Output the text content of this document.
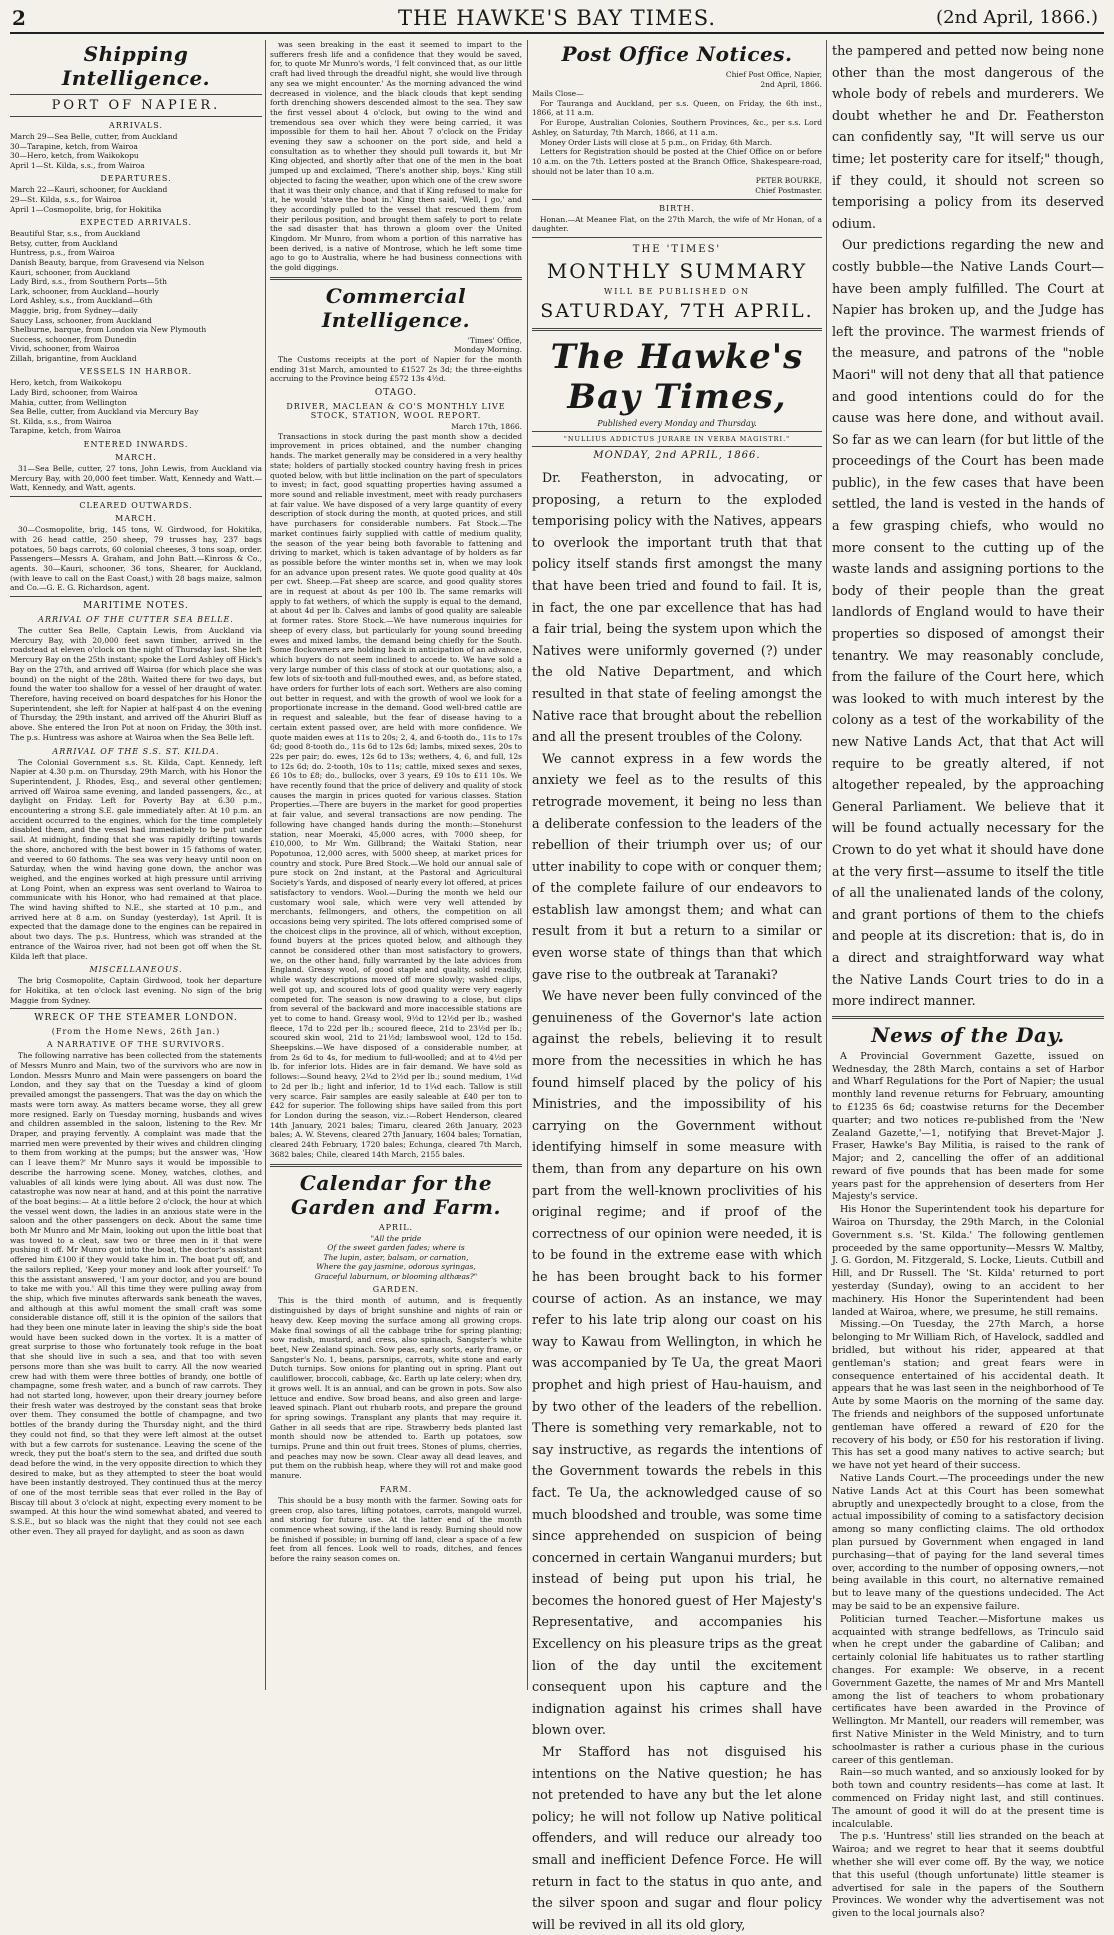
2	THE HAWKE'S BAY TIMES.	(2nd April, 1866.)
Shipping Intelligence.
PORT OF NAPIER.
ARRIVALS.
March 29—Sea Belle, cutter, from Auckland
30—Tarapine, ketch, from Wairoa
30—Hero, ketch, from Waikokopu
April 1—St. Kilda, s.s., from Wairoa
DEPARTURES.
March 22—Kauri, schooner, for Auckland
29—St. Kilda, s.s., for Wairoa
April 1—Cosmopolite, brig, for Hokitika
EXPECTED ARRIVALS.
Beautiful Star, s.s., from Auckland
Betsy, cutter, from Auckland
Huntress, p.s., from Wairoa
Danish Beauty, barque, from Gravesend via Nelson
Kauri, schooner, from Auckland
Lady Bird, s.s., from Southern Ports—5th
Lark, schooner, from Auckland—hourly
Lord Ashley, s.s., from Auckland—6th
Maggie, brig, from Sydney—daily
Saucy Lass, schooner, from Auckland
Shelburne, barque, from London via New Plymouth
Success, schooner, from Dunedin
Vivid, schooner, from Wairoa
Zillah, brigantine, from Auckland
VESSELS IN HARBOR.
Hero, ketch, from Waikokopu
Lady Bird, schooner, from Wairoa
Mahia, cutter, from Wellington
Sea Belle, cutter, from Auckland via Mercury Bay
St. Kilda, s.s., from Wairoa
Tarapine, ketch, from Wairoa
ENTERED INWARDS.
MARCH.
31—Sea Belle, cutter, 27 tons, John Lewis, from Auckland via Mercury Bay, with 20,000 feet timber. Watt, Kennedy and Watt.—Watt, Kennedy, and Watt, agents.
CLEARED OUTWARDS.
MARCH.
30—Cosmopolite, brig, 145 tons, W. Girdwood, for Hokitika, with 26 head cattle, 250 sheep, 79 trusses hay, 237 bags potatoes, 50 bags carrots, 60 colonial cheeses, 3 tons soap, order. Passengers—Messrs A. Graham, and John Batt.—Kinross & Co., agents. 30—Kauri, schooner, 36 tons, Shearer, for Auckland, (with leave to call on the East Coast,) with 28 bags maize, salmon and Co.—G. E. G. Richardson, agent.
MARITIME NOTES.
ARRIVAL OF THE CUTTER SEA BELLE.
The cutter Sea Belle, Captain Lewis, from Auckland via Mercury Bay, with 20,000 feet sawn timber, arrived in the roadstead at eleven o'clock on the night of Thursday last. She left Mercury Bay on the 25th instant; spoke the Lord Ashley off Hick's Bay on the 27th, and arrived off Wairoa (for which place she was bound) on the night of the 28th. Waited there for two days, but found the water too shallow for a vessel of her draught of water. Therefore, having received on board despatches for his Honor the Superintendent, she left for Napier at half-past 4 on the evening of Thursday, the 29th instant, and arrived off the Ahuriri Bluff as above. She entered the Iron Pot at noon on Friday, the 30th inst. The p.s. Huntress was ashore at Wairoa when the Sea Belle left.
ARRIVAL OF THE S.S. ST. KILDA.
The Colonial Government s.s. St. Kilda, Capt. Kennedy, left Napier at 4.30 p.m. on Thursday, 29th March, with his Honor the Superintendent, J. Rhodes, Esq., and several other gentlemen; arrived off Wairoa same evening, and landed passengers, &c., at daylight on Friday. Left for Poverty Bay at 6.30 p.m., encountering a strong S.E. gale immediately after. At 10 p.m. an accident occurred to the engines, which for the time completely disabled them, and the vessel had immediately to be put under sail. At midnight, finding that she was rapidly drifting towards the shore, anchored with the best bower in 15 fathoms of water, and veered to 60 fathoms. The sea was very heavy until noon on Saturday, when the wind having gone down, the anchor was weighed, and the engines worked at high pressure until arriving at Long Point, when an express was sent overland to Wairoa to communicate with his Honor, who had remained at that place. The wind having shifted to N.E., she started at 10 p.m., and arrived here at 8 a.m. on Sunday (yesterday), 1st April. It is expected that the damage done to the engines can be repaired in about two days. The p.s. Huntress, which was stranded at the entrance of the Wairoa river, had not been got off when the St. Kilda left that place.
MISCELLANEOUS.
The brig Cosmopolite, Captain Girdwood, took her departure for Hokitika, at ten o'clock last evening. No sign of the brig Maggie from Sydney.
WRECK OF THE STEAMER LONDON.
(From the Home News, 26th Jan.)
A NARRATIVE OF THE SURVIVORS.
The following narrative has been collected from the statements of Messrs Munro and Main, two of the survivors who are now in London. Messrs Munro and Main were passengers on board the London, and they say that on the Tuesday a kind of gloom prevailed amongst the passengers. That was the day on which the masts were torn away. As matters became worse, they all grew more resigned. Early on Tuesday morning, husbands and wives and children assembled in the saloon, listening to the Rev. Mr Draper, and praying fervently. A complaint was made that the married men were prevented by their wives and children clinging to them from working at the pumps; but the answer was, 'How can I leave them?' Mr Munro says it would be impossible to describe the harrowing scene. Money, watches, clothes, and valuables of all kinds were lying about. All was dust now. The catastrophe was now near at hand, and at this point the narrative of the boat begins:— At a little before 2 o'clock, the hour at which the vessel went down, the ladies in an anxious state were in the saloon and the other passengers on deck. About the same time both Mr Munro and Mr Main, looking out upon the little boat that was towed to a cleat, saw two or three men in it that were pushing it off. Mr Munro got into the boat, the doctor's assistant offered him £100 if they would take him in. The boat put off, and the sailors replied, 'Keep your money and look after yourself.' To this the assistant answered, 'I am your doctor, and you are bound to take me with you.' All this time they were pulling away from the ship, which five minutes afterwards sank beneath the waves, and although at this awful moment the small craft was some considerable distance off, still it is the opinion of the sailors that had they been one minute later in leaving the ship's side the boat would have been sucked down in the vortex. It is a matter of great surprise to those who fortunately took refuge in the boat that she should live in such a sea, and that too with seven persons more than she was built to carry. All the now wearied crew had with them were three bottles of brandy, one bottle of champagne, some fresh water, and a bunch of raw carrots. They had not started long, however, upon their dreary journey before their fresh water was destroyed by the constant seas that broke over them. They consumed the bottle of champagne, and two bottles of the brandy during the Thursday night, and the third they could not find, so that they were left almost at the outset with but a few carrots for sustenance. Leaving the scene of the wreck, they put the boat's stern to the sea, and drifted due south dead before the wind, in the very opposite direction to which they desired to make, but as they attempted to steer the boat would have been instantly destroyed. They continued thus at the mercy of one of the most terrible seas that ever rolled in the Bay of Biscay till about 3 o'clock at night, expecting every moment to be swamped. At this hour the wind somewhat abated, and veered to S.S.E., but so black was the night that they could not see each other even. They all prayed for daylight, and as soon as dawn
was seen breaking in the east it seemed to impart to the sufferers fresh life and a confidence that they would be saved, for, to quote Mr Munro's words, 'I felt convinced that, as our little craft had lived through the dreadful night, she would live through any sea we might encounter.' As the morning advanced the wind decreased in violence, and the black clouds that kept sending forth drenching showers descended almost to the sea. They saw the first vessel about 4 o'clock, but owing to the wind and tremendous sea over which they were being carried, it was impossible for them to hail her. About 7 o'clock on the Friday evening they saw a schooner on the port side, and held a consultation as to whether they should pull towards it, but Mr King objected, and shortly after that one of the men in the boat jumped up and exclaimed, 'There's another ship, boys.' King still objected to facing the weather, upon which one of the crew swore that it was their only chance, and that if King refused to make for it, he would 'stave the boat in.' King then said, 'Well, I go,' and they accordingly pulled to the vessel that rescued them from their perilous position, and brought them safely to port to relate the sad disaster that has thrown a gloom over the United Kingdom. Mr Munro, from whom a portion of this narrative has been derived, is a native of Montrose, which he left some time ago to go to Australia, where he had business connections with the gold diggings.
Commercial Intelligence.
'Times' Office,
Monday Morning.
The Customs receipts at the port of Napier for the month ending 31st March, amounted to £1527 2s 3d; the three-eighths accruing to the Province being £572 13s 4½d.
OTAGO.
DRIVER, MACLEAN & CO'S MONTHLY LIVE STOCK, STATION, WOOL REPORT.
March 17th, 1866.
Transactions in stock during the past month show a decided improvement in prices obtained, and the number changing hands. The market generally may be considered in a very healthy state; holders of partially stocked country having fresh in prices quoted below, with but little inclination on the part of speculators to invest; in fact, good squatting properties having assumed a more sound and reliable investment, meet with ready purchasers at fair value. We have disposed of a very large quantity of every description of stock during the month, at quoted prices, and still have purchasers for considerable numbers. Fat Stock.—The market continues fairly supplied with cattle of medium quality, the season of the year being both favorable to fattening and driving to market, which is taken advantage of by holders as far as possible before the winter months set in, when we may look for an advance upon present rates. We quote good quality at 40s per cwt. Sheep.—Fat sheep are scarce, and good quality stores are in request at about 4s per 100 lb. The same remarks will apply to fat wethers, of which the supply is equal to the demand, at about 4d per lb. Calves and lambs of good quality are saleable at former rates. Store Stock.—We have numerous inquiries for sheep of every class, but particularly for young sound breeding ewes and mixed lambs, the demand being chiefly for the South. Some flockowners are holding back in anticipation of an advance, which buyers do not seem inclined to accede to. We have sold a very large number of this class of stock at our quotations; also, a few lots of six-tooth and full-mouthed ewes, and, as before stated, have orders for further lots of each sort. Wethers are also coming out better in request, and with the growth of wool we look for a proportionate increase in the demand. Good well-bred cattle are in request and saleable, but the fear of disease having to a certain extent passed over, are held with more confidence. We quote maiden ewes at 11s to 20s; 2, 4, and 6-tooth do., 11s to 17s 6d; good 8-tooth do., 11s 6d to 12s 6d; lambs, mixed sexes, 20s to 22s per pair; do. ewes, 12s 6d to 13s; wethers, 4, 6, and full, 12s to 12s 6d; do. 2-tooth, 10s to 11s; cattle, mixed sexes and sexes, £6 10s to £8; do., bullocks, over 3 years, £9 10s to £11 10s. We have recently found that the price of delivery and quality of stock causes the margin in prices quoted for various classes. Station Properties.—There are buyers in the market for good properties at fair value, and several transactions are now pending. The following have changed hands during the month:—Stonehurst station, near Moeraki, 45,000 acres, with 7000 sheep, for £10,000, to Mr Wm. Gillbrand; the Waitaki Station, near Popotunoa, 12,000 acres, with 5000 sheep, at market prices for country and stock. Pure Bred Stock.—We hold our annual sale of pure stock on 2nd instant, at the Pastoral and Agricultural Society's Yards, and disposed of nearly every lot offered, at prices satisfactory to vendors. Wool.—During the month we held our customary wool sale, which were very well attended by merchants, fellmongers, and others, the competition on all occasions being very spirited. The lots offered comprised some of the choicest clips in the province, all of which, without exception, found buyers at the prices quoted below, and although they cannot be considered other than most satisfactory to growers, we, on the other hand, fully warranted by the late advices from England. Greasy wool, of good staple and quality, sold readily, while wasty descriptions moved off more slowly; washed clips, well got up, and scoured lots of good quality were very eagerly competed for. The season is now drawing to a close, but clips from several of the backward and more inaccessible stations are yet to come to hand. Greasy wool, 9½d to 12½d per lb.; washed fleece, 17d to 22d per lb.; scoured fleece, 21d to 23½d per lb.; scoured skin wool, 21d to 21½d; lambswool wool, 12d to 15d. Sheepskins.—We have disposed of a considerable number, at from 2s 6d to 4s, for medium to full-woolled; and at to 4½d per lb. for inferior lots. Hides are in fair demand. We have sold as follows:—Sound heavy, 2¼d to 2½d per lb.; sound medium, 1¼d to 2d per lb.; light and inferior, 1d to 1¼d each. Tallow is still very scarce. Fair samples are easily saleable at £40 per ton to £42 for superior. The following ships have sailed from this port for London during the season, viz.:—Robert Henderson, cleared 14th January, 2021 bales; Timaru, cleared 26th January, 2023 bales; A. W. Stevens, cleared 27th January, 1604 bales; Tornatian, cleared 24th February, 1720 bales; Echunga, cleared 7th March, 3682 bales; Chile, cleared 14th March, 2155 bales.
Calendar for the Garden and Farm.
APRIL.
"All the pride
Of the sweet garden fades; where is
The lupin, aster, balsam, or carnation,
Where the gay jasmine, odorous syringas,
Graceful laburnum, or blooming althæas?"
GARDEN.
This is the third month of autumn, and is frequently distinguished by days of bright sunshine and nights of rain or heavy dew. Keep moving the surface among all growing crops. Make final sowings of all the cabbage tribe for spring planting; sow radish, mustard, and cress, also spinach, Sangster's white beet, New Zealand spinach. Sow peas, early sorts, early frame, or Sangster's No. 1, beans, parsnips, carrots, white stone and early Dutch turnips. Sow onions for planting out in spring. Plant out cauliflower, broccoli, cabbage, &c. Earth up late celery; when dry, it grows well. It is an annual, and can be grown in pots. Sow also lettuce and endive. Sow broad beans, and also green and large-leaved spinach. Plant out rhubarb roots, and prepare the ground for spring sowings. Transplant any plants that may require it. Gather in all seeds that are ripe. Strawberry beds planted last month should now be attended to. Earth up potatoes, sow turnips. Prune and thin out fruit trees. Stones of plums, cherries, and peaches may now be sown. Clear away all dead leaves, and put them on the rubbish heap, where they will rot and make good manure.
FARM.
This should be a busy month with the farmer. Sowing oats for green crop, also tares, lifting potatoes, carrots, mangold wurzel, and storing for future use. At the latter end of the month commence wheat sowing, if the land is ready. Burning should now be finished if possible; in burning off land, clear a space of a few feet from all fences. Look well to roads, ditches, and fences before the rainy season comes on.
Post Office Notices.
Chief Post Office, Napier,
2nd April, 1866.
Mails Close—
For Tauranga and Auckland, per s.s. Queen, on Friday, the 6th inst., 1866, at 11 a.m.
For Europe, Australian Colonies, Southern Provinces, &c., per s.s. Lord Ashley, on Saturday, 7th March, 1866, at 11 a.m.
Money Order Lists will close at 5 p.m., on Friday, 6th March.
Letters for Registration should be posted at the Chief Office on or before 10 a.m. on the 7th. Letters posted at the Branch Office, Shakespeare-road, should not be later than 10 a.m.
PETER BOURKE,
Chief Postmaster.
BIRTH.
Honan.—At Meanee Flat, on the 27th March, the wife of Mr Honan, of a daughter.
THE 'TIMES'
MONTHLY SUMMARY
WILL BE PUBLISHED ON
SATURDAY, 7TH APRIL.
The Hawke's Bay Times,
Published every Monday and Thursday.
"NULLIUS ADDICTUS JURARE IN VERBA MAGISTRI."
MONDAY, 2nd APRIL, 1866.
Dr. Featherston, in advocating, or proposing, a return to the exploded temporising policy with the Natives, appears to overlook the important truth that that policy itself stands first amongst the many that have been tried and found to fail. It is, in fact, the one par excellence that has had a fair trial, being the system upon which the Natives were uniformly governed (?) under the old Native Department, and which resulted in that state of feeling amongst the Native race that brought about the rebellion and all the present troubles of the Colony.
We cannot express in a few words the anxiety we feel as to the results of this retrograde movement, it being no less than a deliberate confession to the leaders of the rebellion of their triumph over us; of our utter inability to cope with or conquer them; of the complete failure of our endeavors to establish law amongst them; and what can result from it but a return to a similar or even worse state of things than that which gave rise to the outbreak at Taranaki?
We have never been fully convinced of the genuineness of the Governor's late action against the rebels, believing it to result more from the necessities in which he has found himself placed by the policy of his Ministries, and the impossibility of his carrying on the Government without identifying himself in some measure with them, than from any departure on his own part from the well-known proclivities of his original regime; and if proof of the correctness of our opinion were needed, it is to be found in the extreme ease with which he has been brought back to his former course of action. As an instance, we may refer to his late trip along our coast on his way to Kawau from Wellington, in which he was accompanied by Te Ua, the great Maori prophet and high priest of Hau-hauism, and by two other of the leaders of the rebellion. There is something very remarkable, not to say instructive, as regards the intentions of the Government towards the rebels in this fact. Te Ua, the acknowledged cause of so much bloodshed and trouble, was some time since apprehended on suspicion of being concerned in certain Wanganui murders; but instead of being put upon his trial, he becomes the honored guest of Her Majesty's Representative, and accompanies his Excellency on his pleasure trips as the great lion of the day until the excitement consequent upon his capture and the indignation against his crimes shall have blown over.
Mr Stafford has not disguised his intentions on the Native question; he has not pretended to have any but the let alone policy; he will not follow up Native political offenders, and will reduce our already too small and inefficient Defence Force. He will return in fact to the status in quo ante, and the silver spoon and sugar and flour policy will be revived in all its old glory,
the pampered and petted now being none other than the most dangerous of the whole body of rebels and murderers. We doubt whether he and Dr. Featherston can confidently say, "It will serve us our time; let posterity care for itself;" though, if they could, it should not screen so temporising a policy from its deserved odium.
Our predictions regarding the new and costly bubble—the Native Lands Court—have been amply fulfilled. The Court at Napier has broken up, and the Judge has left the province. The warmest friends of the measure, and patrons of the "noble Maori" will not deny that all that patience and good intentions could do for the cause was here done, and without avail. So far as we can learn (for but little of the proceedings of the Court has been made public), in the few cases that have been settled, the land is vested in the hands of a few grasping chiefs, who would no more consent to the cutting up of the waste lands and assigning portions to the body of their people than the great landlords of England would to have their properties so disposed of amongst their tenantry. We may reasonably conclude, from the failure of the Court here, which was looked to with much interest by the colony as a test of the workability of the new Native Lands Act, that that Act will require to be greatly altered, if not altogether repealed, by the approaching General Parliament. We believe that it will be found actually necessary for the Crown to do yet what it should have done at the very first—assume to itself the title of all the unalienated lands of the colony, and grant portions of them to the chiefs and people at its discretion: that is, do in a direct and straightforward way what the Native Lands Court tries to do in a more indirect manner.
News of the Day.
A Provincial Government Gazette, issued on Wednesday, the 28th March, contains a set of Harbor and Wharf Regulations for the Port of Napier; the usual monthly land revenue returns for February, amounting to £1235 6s 6d; coastwise returns for the December quarter; and two notices re-published from the 'New Zealand Gazette,'—1, notifying that Brevet-Major J. Fraser, Hawke's Bay Militia, is raised to the rank of Major; and 2, cancelling the offer of an additional reward of five pounds that has been made for some years past for the apprehension of deserters from Her Majesty's service.
His Honor the Superintendent took his departure for Wairoa on Thursday, the 29th March, in the Colonial Government s.s. 'St. Kilda.' The following gentlemen proceeded by the same opportunity—Messrs W. Maltby, J. G. Gordon, M. Fitzgerald, S. Locke, Lieuts. Cutbill and Hill, and Dr Russell. The 'St. Kilda' returned to port yesterday (Sunday), owing to an accident to her machinery. His Honor the Superintendent had been landed at Wairoa, where, we presume, he still remains.
Missing.—On Tuesday, the 27th March, a horse belonging to Mr William Rich, of Havelock, saddled and bridled, but without his rider, appeared at that gentleman's station; and great fears were in consequence entertained of his accidental death. It appears that he was last seen in the neighborhood of Te Aute by some Maoris on the morning of the same day. The friends and neighbors of the supposed unfortunate gentleman have offered a reward of £20 for the recovery of his body, or £50 for his restoration if living. This has set a good many natives to active search; but we have not yet heard of their success.
Native Lands Court.—The proceedings under the new Native Lands Act at this Court has been somewhat abruptly and unexpectedly brought to a close, from the actual impossibility of coming to a satisfactory decision among so many conflicting claims. The old orthodox plan pursued by Government when engaged in land purchasing—that of paying for the land several times over, according to the number of opposing owners,—not being available in this court, no alternative remained but to leave many of the questions undecided. The Act may be said to be an expensive failure.
Politician turned Teacher.—Misfortune makes us acquainted with strange bedfellows, as Trinculo said when he crept under the gabardine of Caliban; and certainly colonial life habituates us to rather startling changes. For example: We observe, in a recent Government Gazette, the names of Mr and Mrs Mantell among the list of teachers to whom probationary certificates have been awarded in the Province of Wellington. Mr Mantell, our readers will remember, was first Native Minister in the Weld Ministry, and to turn schoolmaster is rather a curious phase in the curious career of this gentleman.
Rain—so much wanted, and so anxiously looked for by both town and country residents—has come at last. It commenced on Friday night last, and still continues. The amount of good it will do at the present time is incalculable.
The p.s. 'Huntress' still lies stranded on the beach at Wairoa; and we regret to hear that it seems doubtful whether she will ever come off. By the way, we notice that this useful (though unfortunate) little steamer is advertised for sale in the papers of the Southern Provinces. We wonder why the advertisement was not given to the local journals also?
